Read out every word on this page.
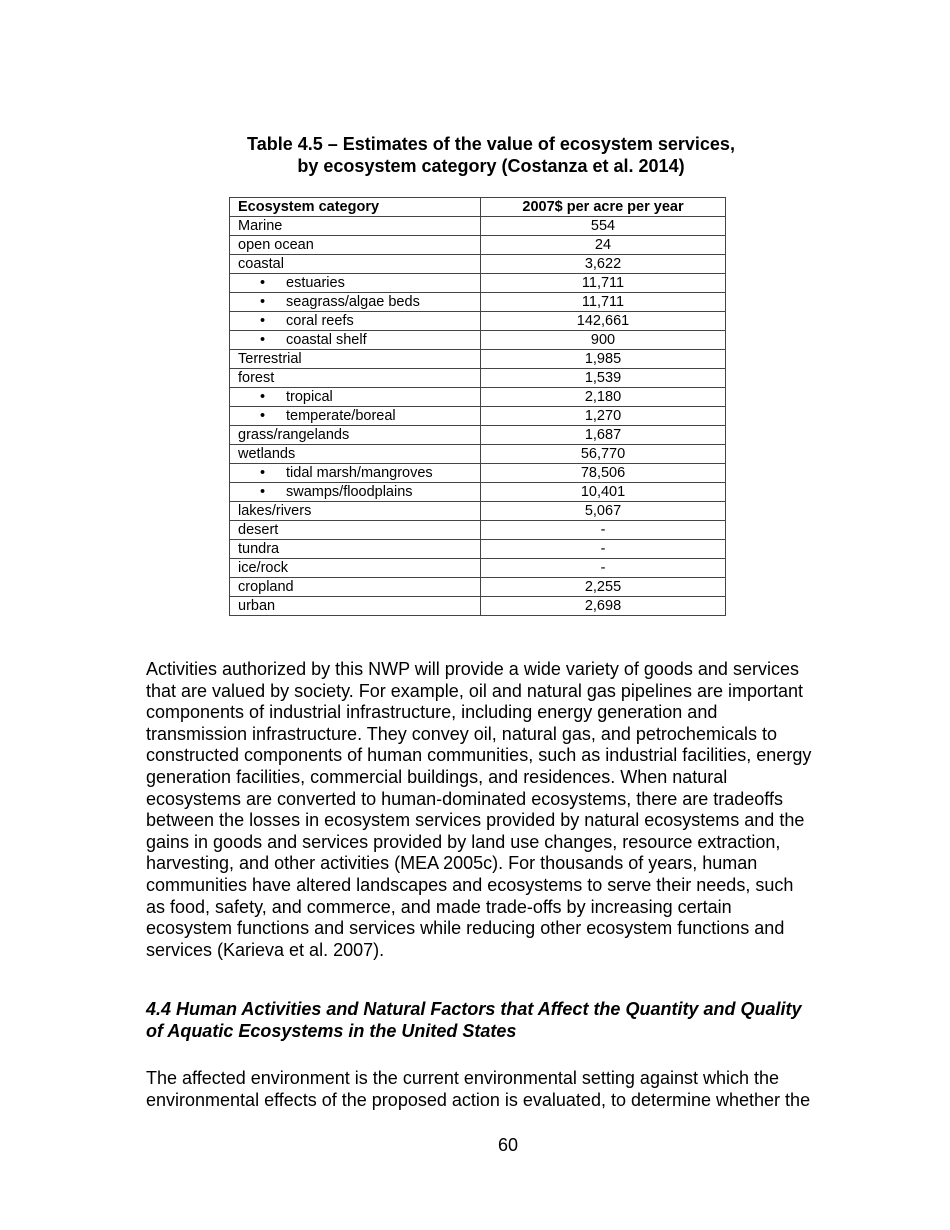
Table 4.5 – Estimates of the value of ecosystem services,
by ecosystem category (Costanza et al. 2014)
Ecosystem category	2007$ per acre per year
Marine	554
open ocean	24
coastal	3,622
• estuaries	11,711
• seagrass/algae beds	11,711
• coral reefs	142,661
• coastal shelf	900
Terrestrial	1,985
forest	1,539
• tropical	2,180
• temperate/boreal	1,270
grass/rangelands	1,687
wetlands	56,770
• tidal marsh/mangroves	78,506
• swamps/floodplains	10,401
lakes/rivers	5,067
desert	-
tundra	-
ice/rock	-
cropland	2,255
urban	2,698
Activities authorized by this NWP will provide a wide variety of goods and services
that are valued by society. For example, oil and natural gas pipelines are important
components of industrial infrastructure, including energy generation and
transmission infrastructure. They convey oil, natural gas, and petrochemicals to
constructed components of human communities, such as industrial facilities, energy
generation facilities, commercial buildings, and residences. When natural
ecosystems are converted to human-dominated ecosystems, there are tradeoffs
between the losses in ecosystem services provided by natural ecosystems and the
gains in goods and services provided by land use changes, resource extraction,
harvesting, and other activities (MEA 2005c). For thousands of years, human
communities have altered landscapes and ecosystems to serve their needs, such
as food, safety, and commerce, and made trade-offs by increasing certain
ecosystem functions and services while reducing other ecosystem functions and
services (Karieva et al. 2007).
4.4 Human Activities and Natural Factors that Affect the Quantity and Quality
of Aquatic Ecosystems in the United States
The affected environment is the current environmental setting against which the
environmental effects of the proposed action is evaluated, to determine whether the
60
